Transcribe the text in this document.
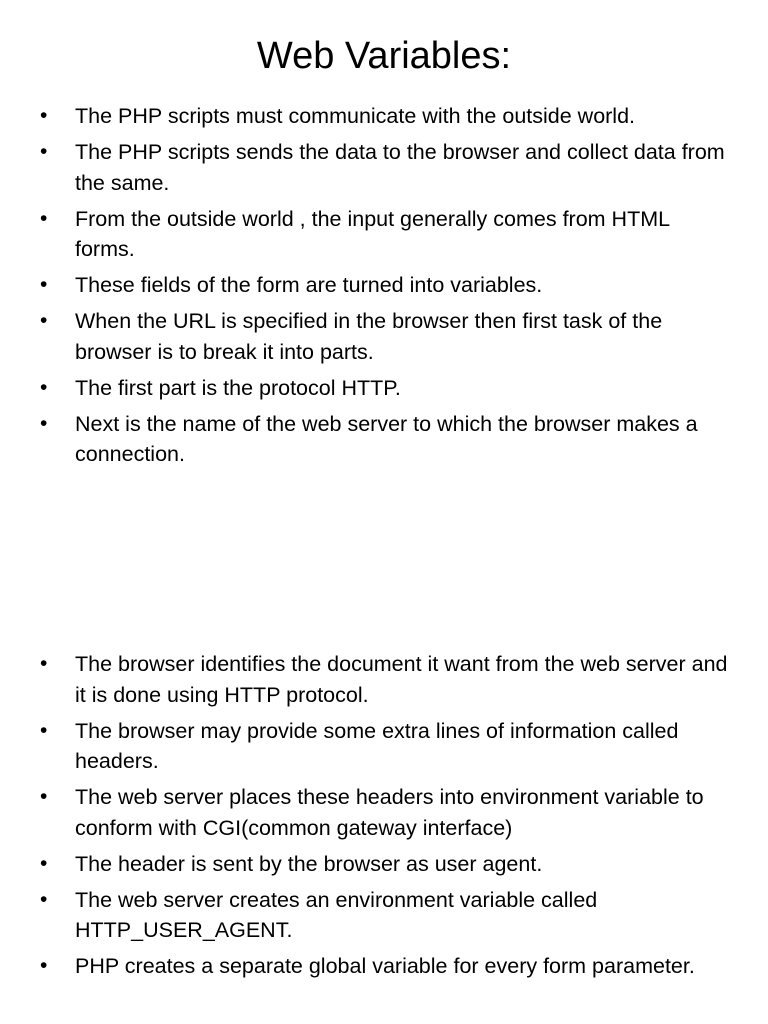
Web Variables:
• The PHP scripts must communicate with the outside world.
• The PHP scripts sends the data to the browser and collect data from the same.
• From the outside world , the input generally comes from HTML forms.
• These fields of the form are turned into variables.
• When the URL is specified in the browser then first task of the browser is to break it into parts.
• The first part is the protocol HTTP.
• Next is the name of the web server to which the browser makes a connection.
• The browser identifies the document it want from the web server and it is done using HTTP protocol.
• The browser may provide some extra lines of information called headers.
• The web server places these headers into environment variable to conform with CGI(common gateway interface)
• The header is sent by the browser as user agent.
• The web server creates an environment variable called HTTP_USER_AGENT.
• PHP creates a separate global variable for every form parameter.
